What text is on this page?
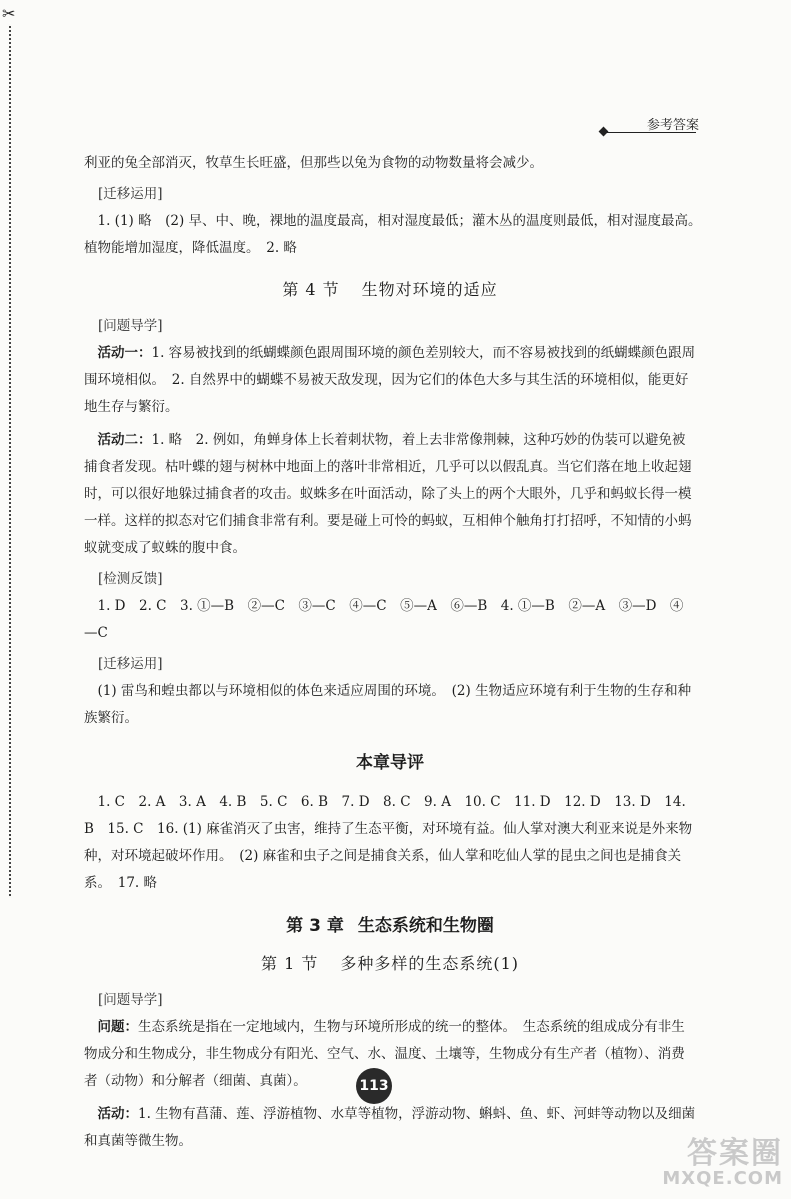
✂
参考答案

利亚的兔全部消灭，牧草生长旺盛，但那些以兔为食物的动物数量将会减少。

[迁移运用]

1. (1) 略　(2) 早、中、晚，裸地的温度最高，相对湿度最低；灌木丛的温度则最低，相对湿度最高。　植物能增加湿度，降低温度。　2. 略

第 4 节 生物对环境的适应

[问题导学]

活动一：1. 容易被找到的纸蝴蝶颜色跟周围环境的颜色差别较大，而不容易被找到的纸蝴蝶颜色跟周围环境相似。　2. 自然界中的蝴蝶不易被天敌发现，因为它们的体色大多与其生活的环境相似，能更好地生存与繁衍。

活动二：1. 略　2. 例如，角蝉身体上长着刺状物，着上去非常像荆棘，这种巧妙的伪装可以避免被捕食者发现。枯叶蝶的翅与树林中地面上的落叶非常相近，几乎可以以假乱真。当它们落在地上收起翅时，可以很好地躲过捕食者的攻击。蚁蛛多在叶面活动，除了头上的两个大眼外，几乎和蚂蚁长得一模一样。这样的拟态对它们捕食非常有利。要是碰上可怜的蚂蚁，互相伸个触角打打招呼，不知情的小蚂蚁就变成了蚁蛛的腹中食。

[检测反馈]

1. D　2. C　3. ①—B　②—C　③—C　④—C　⑤—A　⑥—B　4. ①—B　②—A　③—D　④—C

[迁移运用]

(1) 雷鸟和蝗虫都以与环境相似的体色来适应周围的环境。　(2) 生物适应环境有利于生物的生存和种族繁衍。

本章导评

1. C　2. A　3. A　4. B　5. C　6. B　7. D　8. C　9. A　10. C　11. D　12. D　13. D　14. B　15. C　16. (1) 麻雀消灭了虫害，维持了生态平衡，对环境有益。仙人掌对澳大利亚来说是外来物种，对环境起破坏作用。　(2) 麻雀和虫子之间是捕食关系，仙人掌和吃仙人掌的昆虫之间也是捕食关系。　17. 略

第 3 章 生态系统和生物圈
第 1 节 多种多样的生态系统(1)

[问题导学]

问题：生态系统是指在一定地域内，生物与环境所形成的统一的整体。　生态系统的组成成分有非生物成分和生物成分，非生物成分有阳光、空气、水、温度、土壤等，生物成分有生产者（植物）、消费者（动物）和分解者（细菌、真菌）。

活动：1. 生物有菖蒲、莲、浮游植物、水草等植物，浮游动物、蝌蚪、鱼、虾、河蚌等动物以及细菌和真菌等微生物。

113
答案圈
MXQE.COM
